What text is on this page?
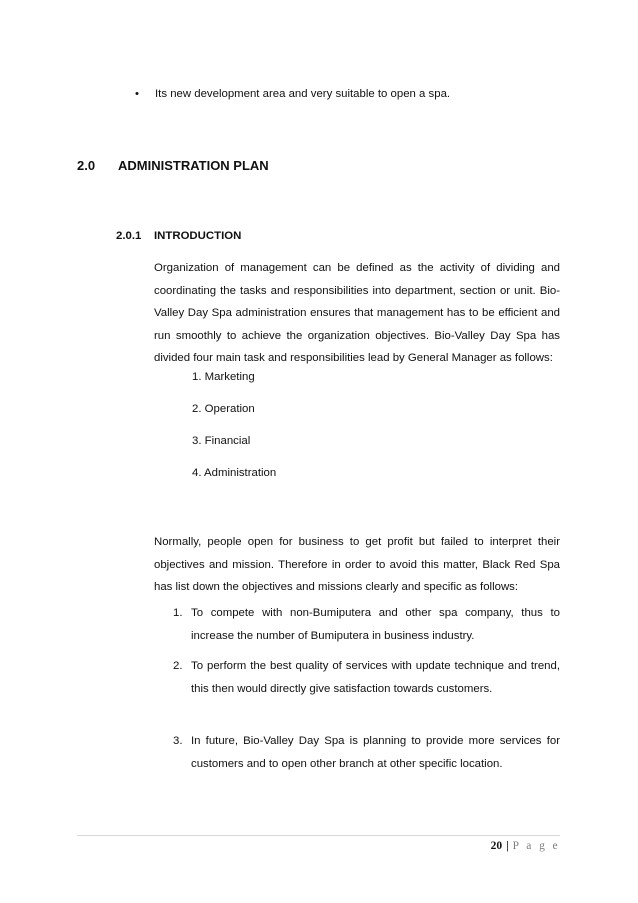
• Its new development area and very suitable to open a spa.
2.0 ADMINISTRATION PLAN
2.0.1 INTRODUCTION
Organization of management can be defined as the activity of dividing and coordinating the tasks and responsibilities into department, section or unit. Bio-Valley Day Spa administration ensures that management has to be efficient and run smoothly to achieve the organization objectives. Bio-Valley Day Spa has divided four main task and responsibilities lead by General Manager as follows:
1. Marketing
2. Operation
3. Financial
4. Administration
Normally, people open for business to get profit but failed to interpret their objectives and mission. Therefore in order to avoid this matter, Black Red Spa has list down the objectives and missions clearly and specific as follows:
1. To compete with non-Bumiputera and other spa company, thus to increase the number of Bumiputera in business industry.
2. To perform the best quality of services with update technique and trend, this then would directly give satisfaction towards customers.
3. In future, Bio-Valley Day Spa is planning to provide more services for customers and to open other branch at other specific location.
20 | P a g e
